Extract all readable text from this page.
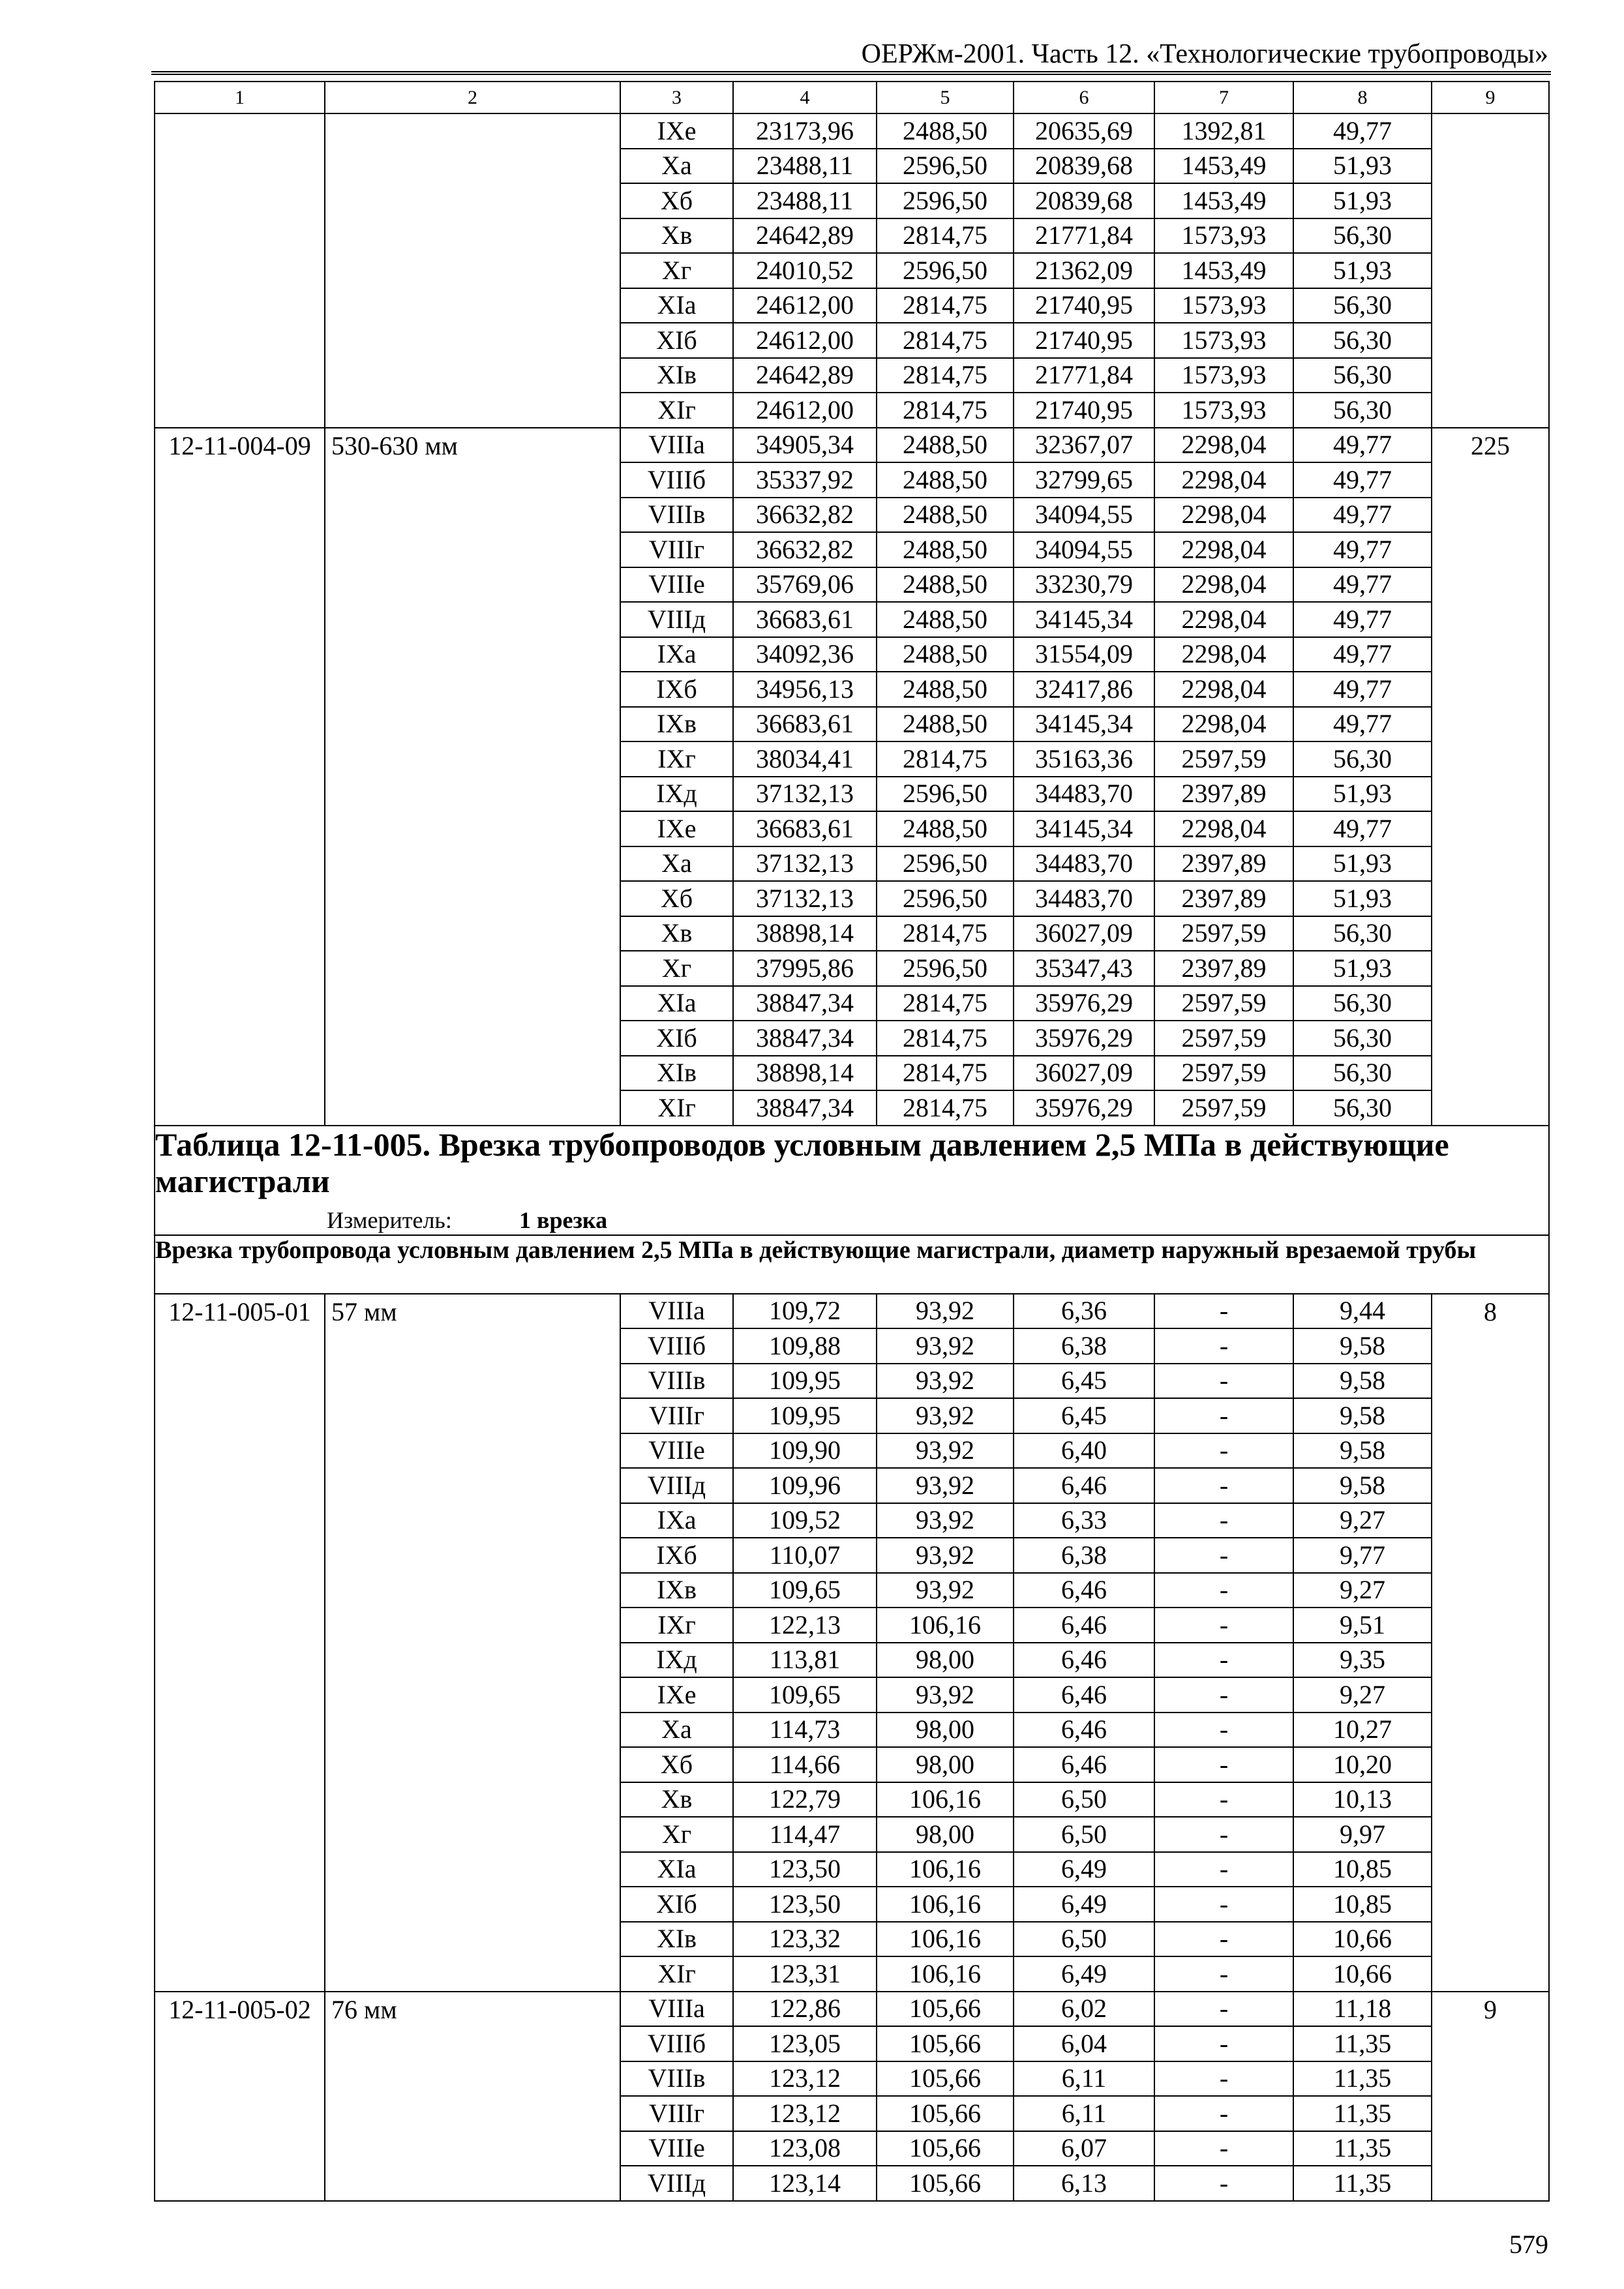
ОЕРЖм-2001. Часть 12. «Технологические трубопроводы»
1	2	3	4	5	6	7	8	9
		IXе	23173,96	2488,50	20635,69	1392,81	49,77	
		Xа	23488,11	2596,50	20839,68	1453,49	51,93	
		Xб	23488,11	2596,50	20839,68	1453,49	51,93	
		Xв	24642,89	2814,75	21771,84	1573,93	56,30	
		Xг	24010,52	2596,50	21362,09	1453,49	51,93	
		XIа	24612,00	2814,75	21740,95	1573,93	56,30	
		XIб	24612,00	2814,75	21740,95	1573,93	56,30	
		XIв	24642,89	2814,75	21771,84	1573,93	56,30	
		XIг	24612,00	2814,75	21740,95	1573,93	56,30	
12-11-004-09	530-630 мм	VIIIа	34905,34	2488,50	32367,07	2298,04	49,77	225
		VIIIб	35337,92	2488,50	32799,65	2298,04	49,77	
		VIIIв	36632,82	2488,50	34094,55	2298,04	49,77	
		VIIIг	36632,82	2488,50	34094,55	2298,04	49,77	
		VIIIе	35769,06	2488,50	33230,79	2298,04	49,77	
		VIIIд	36683,61	2488,50	34145,34	2298,04	49,77	
		IXа	34092,36	2488,50	31554,09	2298,04	49,77	
		IXб	34956,13	2488,50	32417,86	2298,04	49,77	
		IXв	36683,61	2488,50	34145,34	2298,04	49,77	
		IXг	38034,41	2814,75	35163,36	2597,59	56,30	
		IXд	37132,13	2596,50	34483,70	2397,89	51,93	
		IXе	36683,61	2488,50	34145,34	2298,04	49,77	
		Xа	37132,13	2596,50	34483,70	2397,89	51,93	
		Xб	37132,13	2596,50	34483,70	2397,89	51,93	
		Xв	38898,14	2814,75	36027,09	2597,59	56,30	
		Xг	37995,86	2596,50	35347,43	2397,89	51,93	
		XIа	38847,34	2814,75	35976,29	2597,59	56,30	
		XIб	38847,34	2814,75	35976,29	2597,59	56,30	
		XIв	38898,14	2814,75	36027,09	2597,59	56,30	
		XIг	38847,34	2814,75	35976,29	2597,59	56,30	

Таблица 12-11-005. Врезка трубопроводов условным давлением 2,5 МПа в действующие магистрали
Измеритель: 1 врезка								

Врезка трубопровода условным давлением 2,5 МПа в действующие магистрали, диаметр наружный врезаемой трубы								
12-11-005-01	57 мм	VIIIа	109,72	93,92	6,36	-	9,44	8
		VIIIб	109,88	93,92	6,38	-	9,58	
		VIIIв	109,95	93,92	6,45	-	9,58	
		VIIIг	109,95	93,92	6,45	-	9,58	
		VIIIе	109,90	93,92	6,40	-	9,58	
		VIIIд	109,96	93,92	6,46	-	9,58	
		IXа	109,52	93,92	6,33	-	9,27	
		IXб	110,07	93,92	6,38	-	9,77	
		IXв	109,65	93,92	6,46	-	9,27	
		IXг	122,13	106,16	6,46	-	9,51	
		IXд	113,81	98,00	6,46	-	9,35	
		IXе	109,65	93,92	6,46	-	9,27	
		Xа	114,73	98,00	6,46	-	10,27	
		Xб	114,66	98,00	6,46	-	10,20	
		Xв	122,79	106,16	6,50	-	10,13	
		Xг	114,47	98,00	6,50	-	9,97	
		XIа	123,50	106,16	6,49	-	10,85	
		XIб	123,50	106,16	6,49	-	10,85	
		XIв	123,32	106,16	6,50	-	10,66	
		XIг	123,31	106,16	6,49	-	10,66	
12-11-005-02	76 мм	VIIIа	122,86	105,66	6,02	-	11,18	9
		VIIIб	123,05	105,66	6,04	-	11,35	
		VIIIв	123,12	105,66	6,11	-	11,35	
		VIIIг	123,12	105,66	6,11	-	11,35	
		VIIIе	123,08	105,66	6,07	-	11,35	
		VIIIд	123,14	105,66	6,13	-	11,35	
579
